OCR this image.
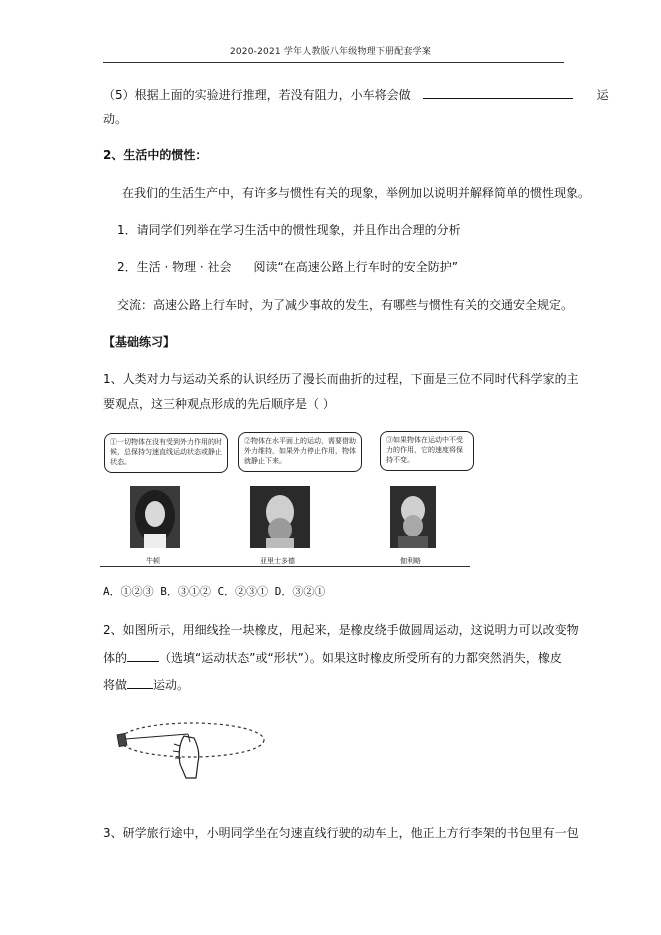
2020-2021 学年人教版八年级物理下册配套学案
（5）根据上面的实验进行推理，若没有阻力，小车将会做	运
动。
2、生活中的惯性：
在我们的生活生产中，有许多与惯性有关的现象，举例加以说明并解释简单的惯性现象。
1．请同学们列举在学习生活中的惯性现象，并且作出合理的分析
2．生活 · 物理 · 社会 阅读“在高速公路上行车时的安全防护”
交流：高速公路上行车时，为了减少事故的发生，有哪些与惯性有关的交通安全规定。
【基础练习】
1、人类对力与运动关系的认识经历了漫长而曲折的过程，下面是三位不同时代科学家的主
要观点，这三种观点形成的先后顺序是（ ）
①一切物体在没有受到外力作用的时候，总保持匀速直线运动状态或静止状态。
②物体在水平面上的运动，需要借助外力维持，如果外力停止作用，物体就静止下来。
③如果物体在运动中不受力的作用，它的速度将保持不变。
牛顿	亚里士多德	伽利略
A．①②③ B．③①② C．②③① D．③②①
2、如图所示，用细线拴一块橡皮，甩起来，是橡皮绕手做圆周运动，这说明力可以改变物
体的	（选填“运动状态”或“形状”）。如果这时橡皮所受所有的力都突然消失，橡皮
将做 运动。
3、研学旅行途中，小明同学坐在匀速直线行驶的动车上，他正上方行李架的书包里有一包
